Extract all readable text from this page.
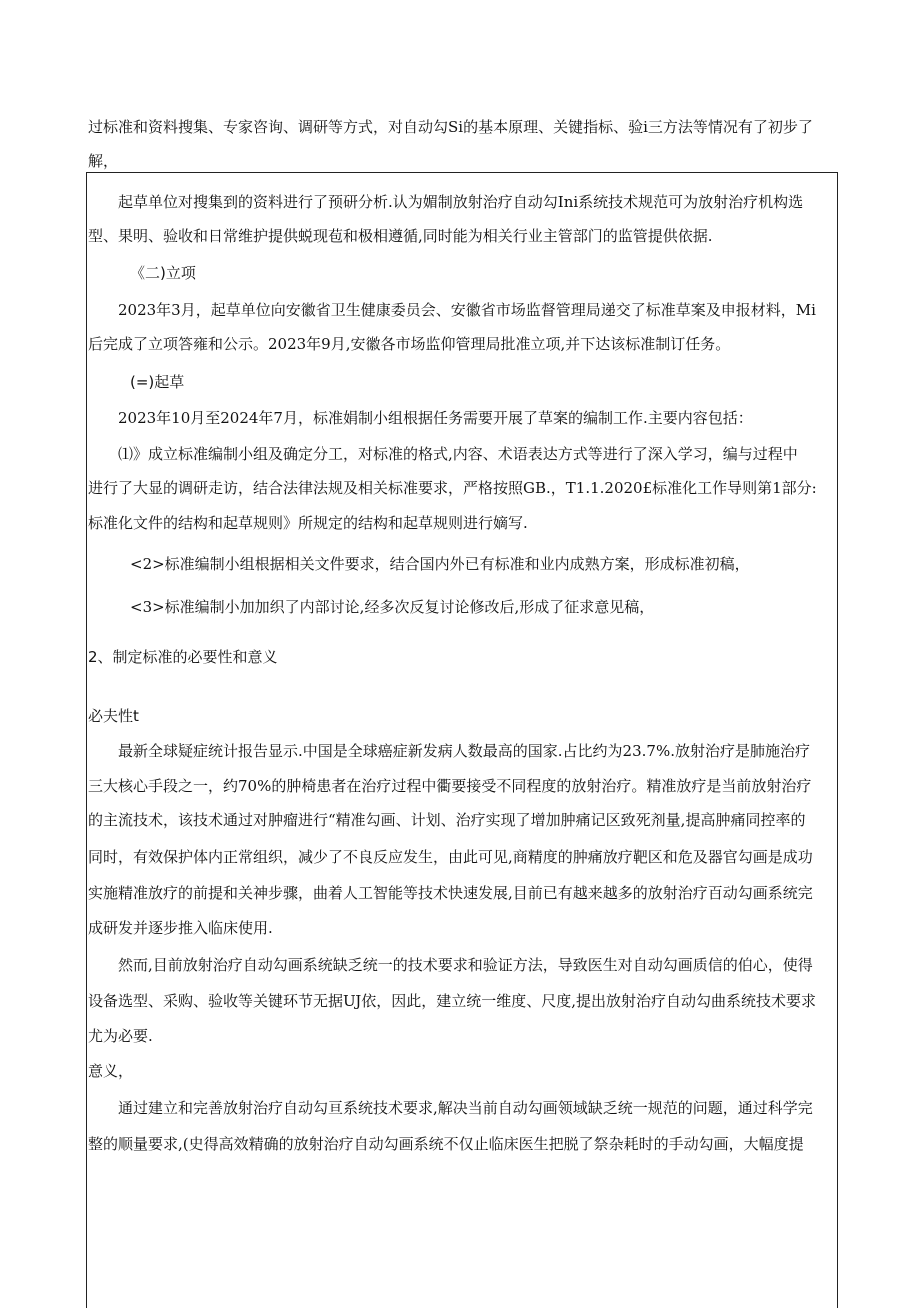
过标准和资料搜集、专家咨询、调研等方式，对自动勾Si的基本原理、关键指标、验i三方法等情况有了初步了
解，
起草单位对搜集到的资料进行了预研分析.认为媚制放射治疗自动勾Ini系统技术规范可为放射治疗机构选
型、果明、验收和日常维护提供蜕现苞和极相遵循,同时能为相关行业主管部门的监管提供依据.
《二)立项
2023年3月，起草单位向安徽省卫生健康委员会、安徽省市场监督管理局递交了标准草案及申报材料，Mi
后完成了立项答雍和公示。2023年9月,安徽各市场监仰管理局批准立项,并下达该标准制订任务。
(=)起草
2023年10月至2024年7月，标准娟制小组根据任务需要开展了草案的编制工作.主要内容包括：
⑴》成立标准编制小组及确定分工，对标准的格式,内容、术语表达方式等进行了深入学习，编与过程中
进行了大显的调研走访，结合法律法规及相关标准要求，严格按照GB.，T1.1.2020£标准化工作导则第1部分:
标准化文件的结构和起草规则》所规定的结构和起草规则进行嫡写.
<2>标准编制小组根据相关文件要求，结合国内外已有标准和业内成熟方案，形成标准初稿，
<3>标准编制小加加织了内部讨论,经多次反复讨论修改后,形成了征求意见稿，
2、制定标准的必要性和意义
必夫性t
最新全球疑症统计报告显示.中国是全球癌症新发病人数最高的国家.占比约为23.7%.放射治疗是肺施治疗
三大核心手段之一，约70%的肿椅患者在治疗过程中衢要接受不同程度的放射治疗。精准放疗是当前放射治疗
的主流技术，该技术通过对肿瘤进行“精准勾画、计划、治疗实现了增加肿痛记区致死剂量,提高肿痛同控率的
同时，有效保护体内正常组织，减少了不良反应发生，由此可见,商精度的肿痛放疗靶区和危及器官勾画是成功
实施精准放疗的前提和关神步骤，曲着人工智能等技术快速发展,目前已有越来越多的放射治疗百动勾画系统完
成研发并逐步推入临床使用.
然而,目前放射治疗自动勾画系统缺乏统一的技术要求和验证方法，导致医生对自动勾画质信的伯心，使得
设备选型、采购、验收等关键环节无据UJ依，因此，建立统一维度、尺度,提出放射治疗自动勾曲系统技术要求
尤为必要.
意义，
通过建立和完善放射治疗自动勾亘系统技术要求,解决当前自动勾画领域缺乏统一规范的问题，通过科学完
整的顺量要求,(史得高效精确的放射治疗自动勾画系统不仅止临床医生把脱了祭杂耗时的手动勾画，大幅度提
